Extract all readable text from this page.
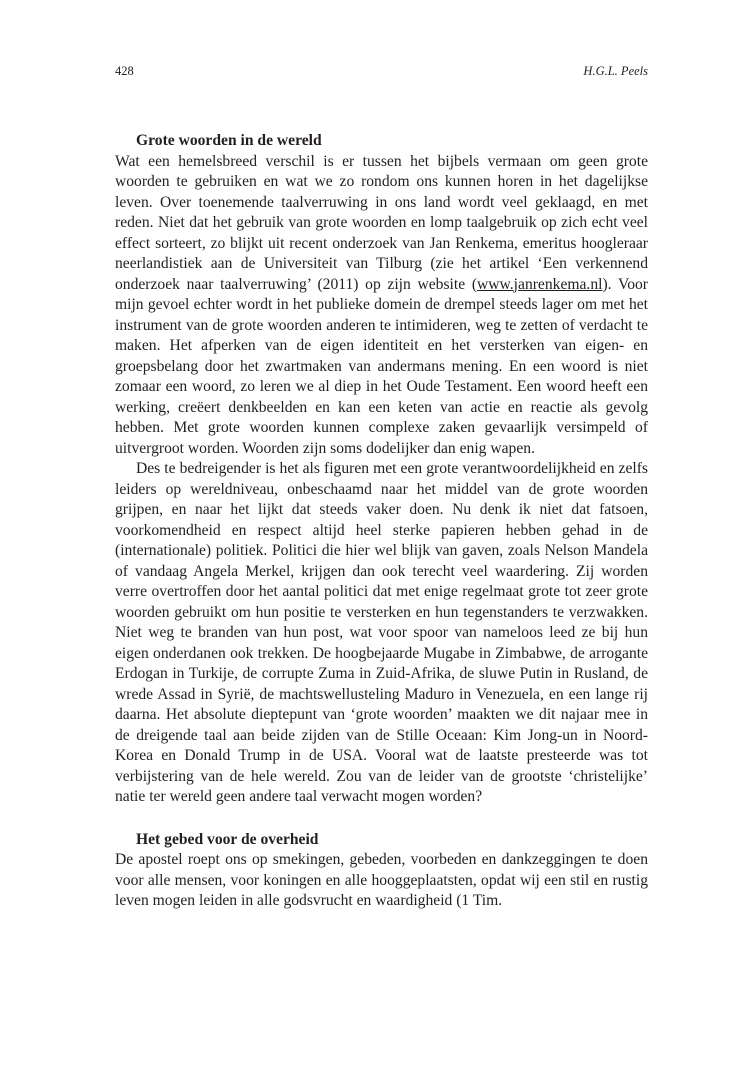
428	H.G.L. Peels

Grote woorden in de wereld

Wat een hemelsbreed verschil is er tussen het bijbels vermaan om geen grote woorden te gebruiken en wat we zo rondom ons kunnen horen in het dagelijkse leven. Over toenemende taalverruwing in ons land wordt veel geklaagd, en met reden. Niet dat het gebruik van grote woorden en lomp taalgebruik op zich echt veel effect sorteert, zo blijkt uit recent onderzoek van Jan Renkema, emeritus hoogleraar neerlandistiek aan de Universiteit van Tilburg (zie het artikel ‘Een verkennend onderzoek naar taalverruwing’ (2011) op zijn website (www.janrenkema.nl). Voor mijn gevoel echter wordt in het publieke domein de drempel steeds lager om met het instrument van de grote woorden anderen te intimideren, weg te zetten of verdacht te maken. Het afperken van de eigen identiteit en het versterken van eigen- en groepsbelang door het zwartmaken van andermans mening. En een woord is niet zomaar een woord, zo leren we al diep in het Oude Testament. Een woord heeft een werking, creëert denkbeelden en kan een keten van actie en reactie als gevolg hebben. Met grote woorden kunnen complexe zaken gevaarlijk versimpeld of uitvergroot worden. Woorden zijn soms dodelijker dan enig wapen.

Des te bedreigender is het als figuren met een grote verantwoordelijkheid en zelfs leiders op wereldniveau, onbeschaamd naar het middel van de grote woorden grijpen, en naar het lijkt dat steeds vaker doen. Nu denk ik niet dat fatsoen, voorkomendheid en respect altijd heel sterke papieren hebben gehad in de (internationale) politiek. Politici die hier wel blijk van gaven, zoals Nelson Mandela of vandaag Angela Merkel, krijgen dan ook terecht veel waardering. Zij worden verre overtroffen door het aantal politici dat met enige regelmaat grote tot zeer grote woorden gebruikt om hun positie te versterken en hun tegenstanders te verzwakken. Niet weg te branden van hun post, wat voor spoor van nameloos leed ze bij hun eigen onderdanen ook trekken. De hoogbejaarde Mugabe in Zimbabwe, de arrogante Erdogan in Turkije, de corrupte Zuma in Zuid-Afrika, de sluwe Putin in Rusland, de wrede Assad in Syrië, de machtswellusteling Maduro in Venezuela, en een lange rij daarna. Het absolute dieptepunt van ‘grote woorden’ maakten we dit najaar mee in de dreigende taal aan beide zijden van de Stille Oceaan: Kim Jong-un in Noord-Korea en Donald Trump in de USA. Vooral wat de laatste presteerde was tot verbijstering van de hele wereld. Zou van de leider van de grootste ‘christelijke’ natie ter wereld geen andere taal verwacht mogen worden?

Het gebed voor de overheid

De apostel roept ons op smekingen, gebeden, voorbeden en dankzeggingen te doen voor alle mensen, voor koningen en alle hooggeplaatsten, opdat wij een stil en rustig leven mogen leiden in alle godsvrucht en waardigheid (1 Tim.
